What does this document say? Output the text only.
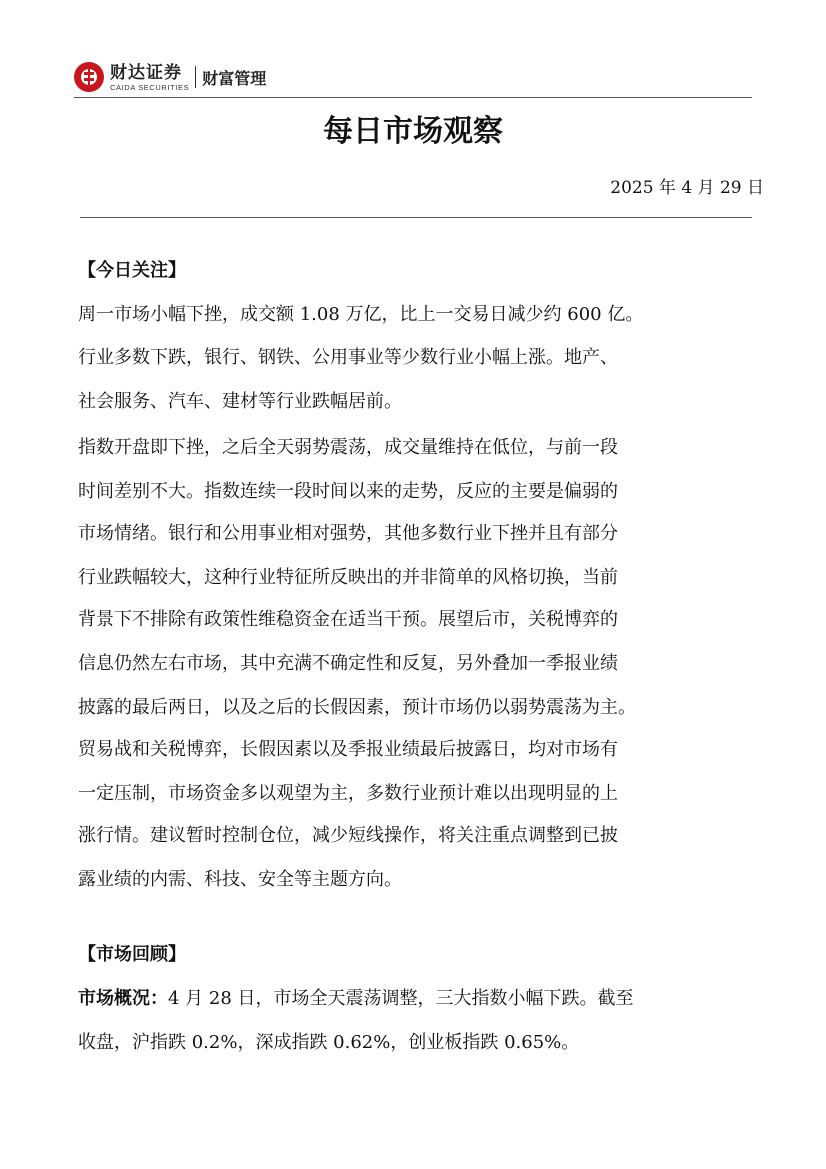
财达证券
CAIDA SECURITIES 财富管理
每日市场观察
2025 年 4 月 29 日
【今日关注】
周一市场小幅下挫，成交额 1.08 万亿，比上一交易日减少约 600 亿。
行业多数下跌，银行、钢铁、公用事业等少数行业小幅上涨。地产、
社会服务、汽车、建材等行业跌幅居前。
指数开盘即下挫，之后全天弱势震荡，成交量维持在低位，与前一段
时间差别不大。指数连续一段时间以来的走势，反应的主要是偏弱的
市场情绪。银行和公用事业相对强势，其他多数行业下挫并且有部分
行业跌幅较大，这种行业特征所反映出的并非简单的风格切换，当前
背景下不排除有政策性维稳资金在适当干预。展望后市，关税博弈的
信息仍然左右市场，其中充满不确定性和反复，另外叠加一季报业绩
披露的最后两日，以及之后的长假因素，预计市场仍以弱势震荡为主。
贸易战和关税博弈，长假因素以及季报业绩最后披露日，均对市场有
一定压制，市场资金多以观望为主，多数行业预计难以出现明显的上
涨行情。建议暂时控制仓位，减少短线操作，将关注重点调整到已披
露业绩的内需、科技、安全等主题方向。
【市场回顾】
市场概况：4 月 28 日，市场全天震荡调整，三大指数小幅下跌。截至
收盘，沪指跌 0.2%，深成指跌 0.62%，创业板指跌 0.65%。
